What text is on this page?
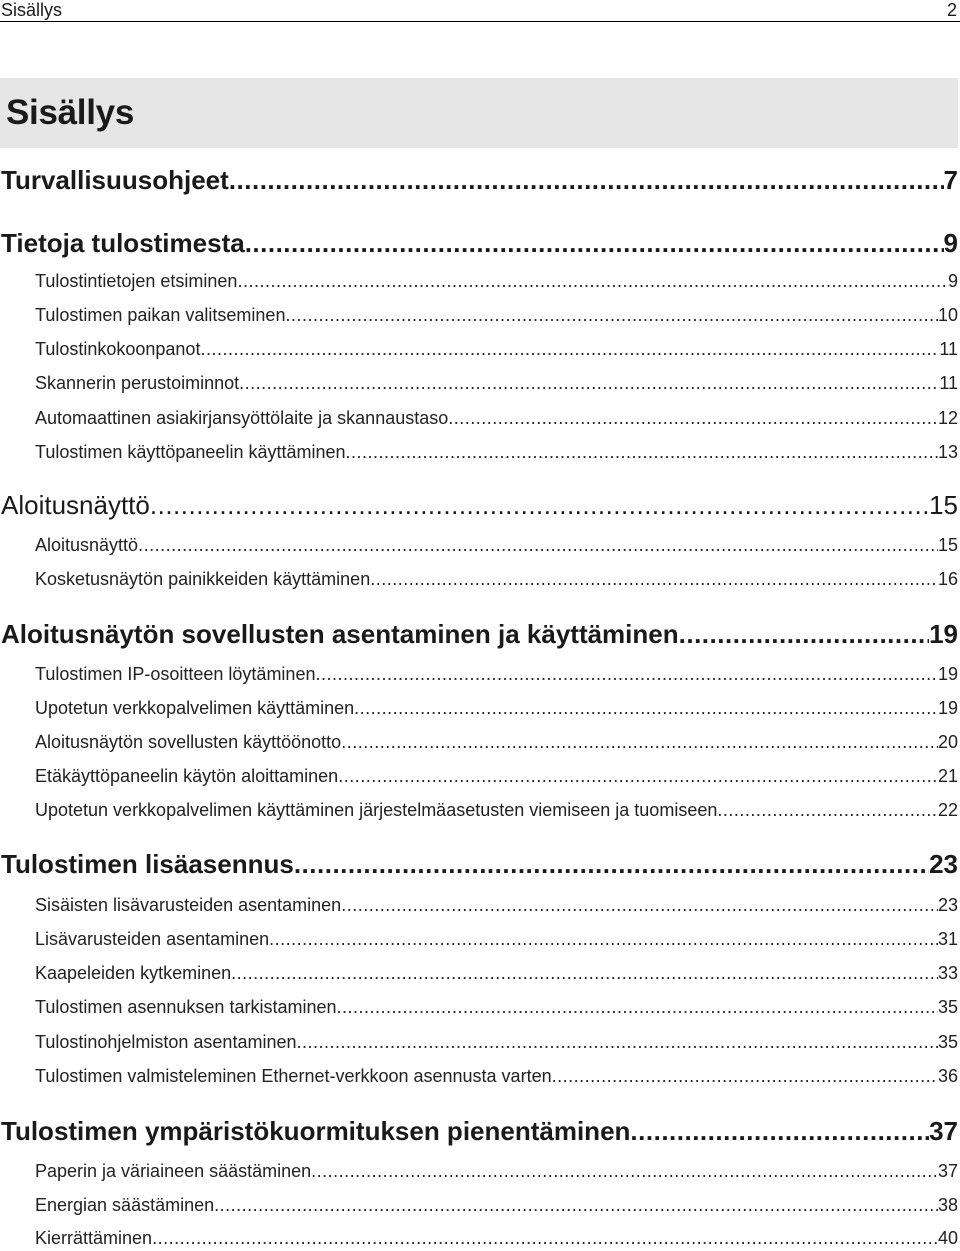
Sisällys	2
Sisällys
Turvallisuusohjeet .....	7
Tietoja tulostimesta .....	9
Tulostintietojen etsiminen .....	9
Tulostimen paikan valitseminen .....	10
Tulostinkokoonpanot .....	11
Skannerin perustoiminnot .....	11
Automaattinen asiakirjansyöttölaite ja skannaustaso .....	12
Tulostimen käyttöpaneelin käyttäminen .....	13
Aloitusnäyttö .....	15
Aloitusnäyttö .....	15
Kosketusnäytön painikkeiden käyttäminen .....	16
Aloitusnäytön sovellusten asentaminen ja käyttäminen .....	19
Tulostimen IP-osoitteen löytäminen .....	19
Upotetun verkkopalvelimen käyttäminen .....	19
Aloitusnäytön sovellusten käyttöönotto .....	20
Etäkäyttöpaneelin käytön aloittaminen .....	21
Upotetun verkkopalvelimen käyttäminen järjestelmäasetusten viemiseen ja tuomiseen .....	22
Tulostimen lisäasennus .....	23
Sisäisten lisävarusteiden asentaminen .....	23
Lisävarusteiden asentaminen .....	31
Kaapeleiden kytkeminen .....	33
Tulostimen asennuksen tarkistaminen .....	35
Tulostinohjelmiston asentaminen .....	35
Tulostimen valmisteleminen Ethernet-verkkoon asennusta varten .....	36
Tulostimen ympäristökuormituksen pienentäminen .....	37
Paperin ja väriaineen säästäminen .....	37
Energian säästäminen .....	38
Kierrättäminen .....	40
